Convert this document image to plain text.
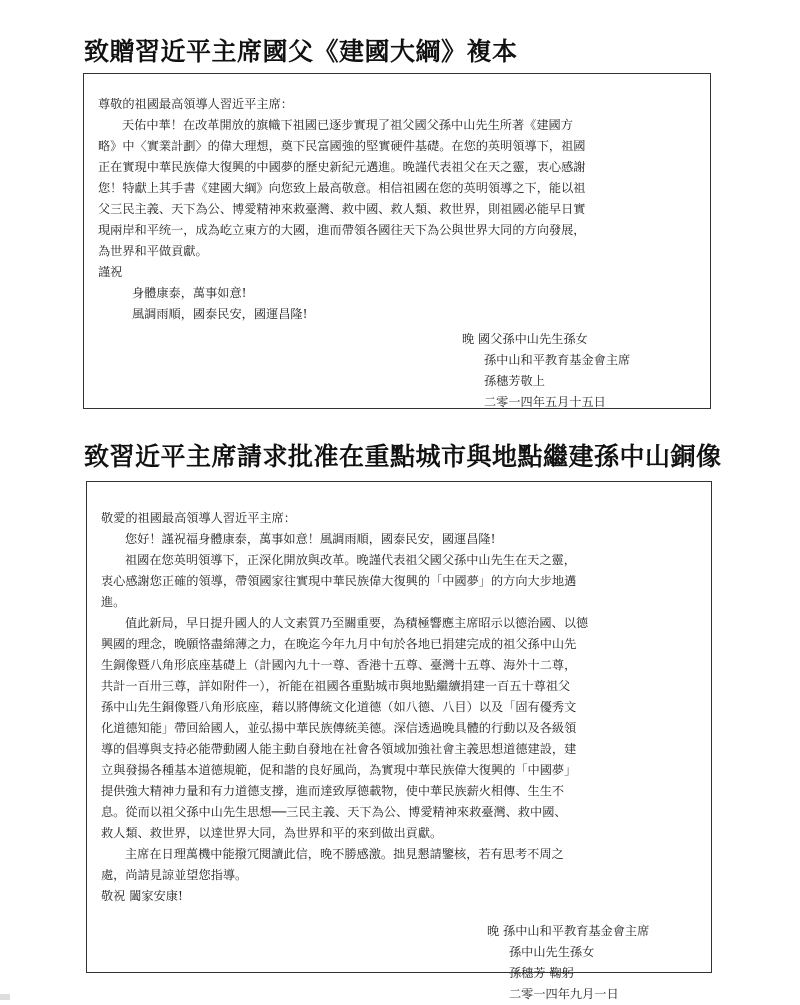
致贈習近平主席國父《建國大綱》複本

尊敬的祖國最高領導人習近平主席：

天佑中華！在改革開放的旗幟下祖國已逐步實現了祖父國父孫中山先生所著《建國方

略》中〈實業計劃〉的偉大理想，奠下民富國強的堅實硬件基礎。在您的英明領導下，祖國

正在實現中華民族偉大復興的中國夢的歷史新紀元邁進。晚謹代表祖父在天之靈，衷心感謝

您！特獻上其手書《建國大綱》向您致上最高敬意。相信祖國在您的英明領導之下，能以祖

父三民主義、天下為公、博愛精神來救臺灣、救中國、救人類、救世界，則祖國必能早日實

現兩岸和平统一，成為屹立東方的大國，進而帶領各國往天下為公與世界大同的方向發展，

為世界和平做貢獻。

謹祝

身體康泰，萬事如意!

風調雨順，國泰民安，國運昌隆!

晚 國父孫中山先生孫女

孫中山和平教育基金會主席

孫穗芳敬上

二零一四年五月十五日

致習近平主席請求批准在重點城市與地點繼建孫中山銅像

敬愛的祖國最高領導人習近平主席：

您好！謹祝福身體康泰，萬事如意！風調雨順，國泰民安，國運昌隆!

祖國在您英明領導下，正深化開放與改革。晚謹代表祖父國父孫中山先生在天之靈，

衷心感謝您正確的領導，帶領國家往實現中華民族偉大復興的「中國夢」的方向大步地邁

進。

值此新局，早日提升國人的人文素質乃至關重要，為積極響應主席昭示以德治國、以德

興國的理念，晚願恪盡綿薄之力，在晚迄今年九月中旬於各地已捐建完成的祖父孫中山先

生銅像暨八角形底座基礎上（計國內九十一尊、香港十五尊、臺灣十五尊、海外十二尊，

共計一百卅三尊，詳如附件一），祈能在祖國各重點城市與地點繼續捐建一百五十尊祖父

孫中山先生銅像暨八角形底座，藉以將傳統文化道德（如八德、八目）以及「固有優秀文

化道德知能」帶回給國人，並弘揚中華民族傳統美德。深信透過晚具體的行動以及各級領

導的倡導與支持必能帶動國人能主動自發地在社會各領域加強社會主義思想道德建設，建

立與發揚各種基本道德規範，促和諧的良好風尚，為實現中華民族偉大復興的「中國夢」

提供強大精神力量和有力道德支撐，進而達致厚德載物，使中華民族薪火相傳、生生不

息。從而以祖父孫中山先生思想──三民主義、天下為公、博愛精神來救臺灣、救中國、

救人類、救世界，以達世界大同，為世界和平的來到做出貢獻。

主席在日理萬機中能撥冗閱讀此信，晚不勝感激。拙見懇請鑒核，若有思考不周之

處，尚請見諒並望您指導。

敬祝 闔家安康!

晚 孫中山和平教育基金會主席

孫中山先生孫女

孫穗芳 鞠躬

二零一四年九月一日
